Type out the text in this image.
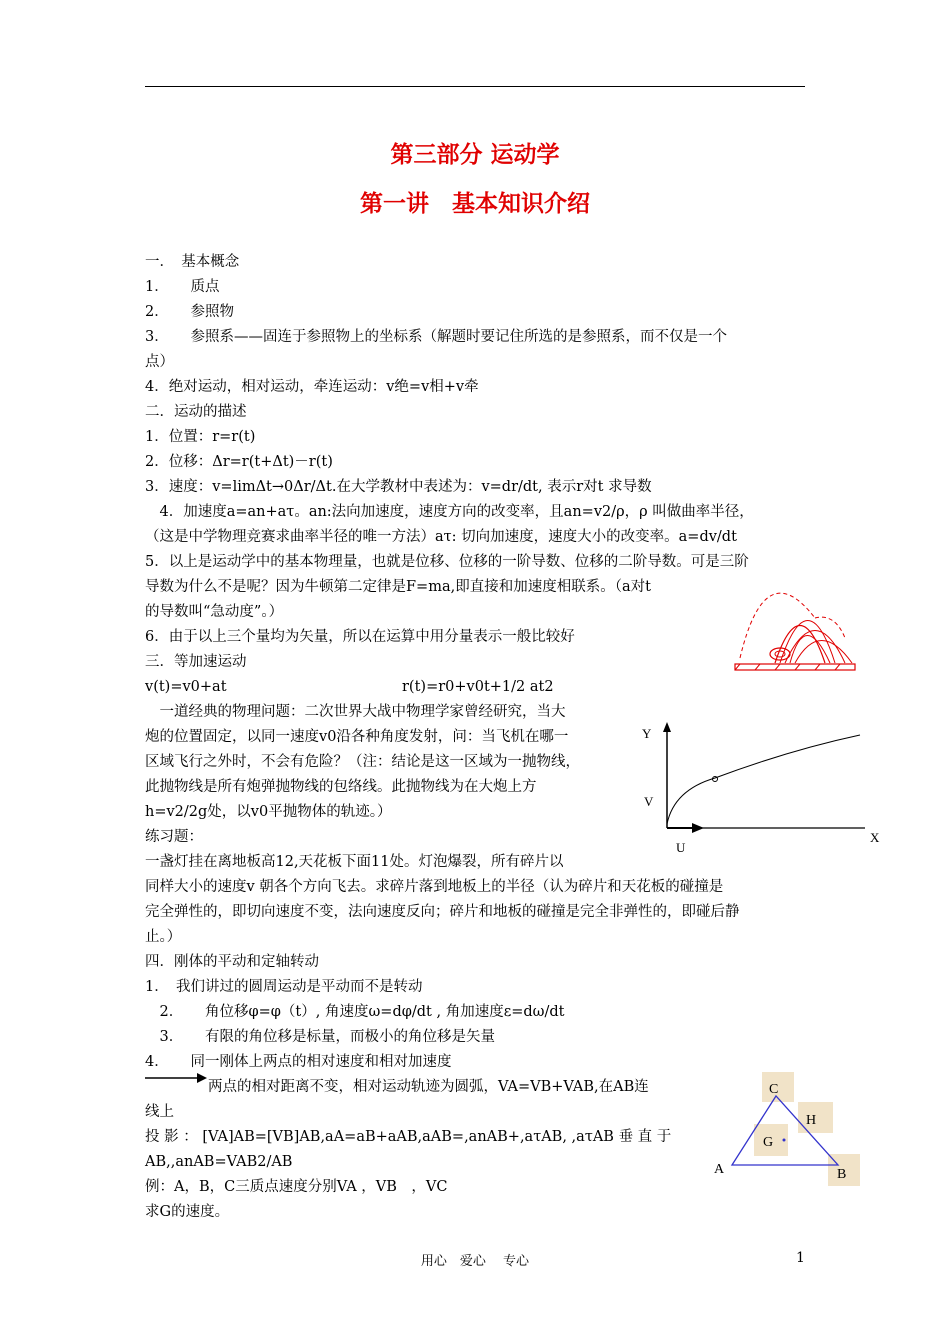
第三部分 运动学
第一讲　基本知识介绍
一．　基本概念
1．　　质点
2．　　参照物
3．　　参照系——固连于参照物上的坐标系（解题时要记住所选的是参照系，而不仅是一个
点）
4．绝对运动，相对运动，牵连运动：v绝=v相+v牵
二．运动的描述
1．位置：r=r(t)
2．位移：Δr=r(t+Δt)－r(t)
3．速度：v=limΔt→0Δr/Δt.在大学教材中表述为：v=dr/dt, 表示r对t 求导数
　4．加速度a=an+aτ。an:法向加速度，速度方向的改变率，且an=v2/ρ，ρ 叫做曲率半径，
（这是中学物理竞赛求曲率半径的唯一方法）aτ: 切向加速度，速度大小的改变率。a=dv/dt
5．以上是运动学中的基本物理量，也就是位移、位移的一阶导数、位移的二阶导数。可是三阶
导数为什么不是呢？因为牛顿第二定律是F=ma,即直接和加速度相联系。（a对t
的导数叫“急动度”。）
6．由于以上三个量均为矢量，所以在运算中用分量表示一般比较好
三．等加速运动
v(t)=v0+at	r(t)=r0+v0t+1/2 at2
　一道经典的物理问题：二次世界大战中物理学家曾经研究，当大
炮的位置固定，以同一速度v0沿各种角度发射，问：当飞机在哪一
区域飞行之外时，不会有危险？（注：结论是这一区域为一抛物线，
此抛物线是所有炮弹抛物线的包络线。此抛物线为在大炮上方
h=v2/2g处，以v0平抛物体的轨迹。）
练习题：
一盏灯挂在离地板高12,天花板下面11处。灯泡爆裂，所有碎片以
同样大小的速度v 朝各个方向飞去。求碎片落到地板上的半径（认为碎片和天花板的碰撞是
完全弹性的，即切向速度不变，法向速度反向；碎片和地板的碰撞是完全非弹性的，即碰后静
止。）
四．刚体的平动和定轴转动
1．　我们讲过的圆周运动是平动而不是转动
　2．　　角位移φ=φ（t）, 角速度ω=dφ/dt , 角加速度ε=dω/dt
　3．　　有限的角位移是标量，而极小的角位移是矢量
4．　　同一刚体上两点的相对速度和相对加速度
两点的相对距离不变，相对运动轨迹为圆弧，VA=VB+VAB,在AB连
线上
投 影 ： [VA]AB=[VB]AB,aA=aB+aAB,aAB=,anAB+,aτAB, ,aτAB 垂 直 于
AB,,anAB=VAB2/AB
例：A，B，C三质点速度分别VA ，VB　，VC
求G的速度。
Y
V
X
U
A
C
H
G
B
用心　爱心　 专心	1
